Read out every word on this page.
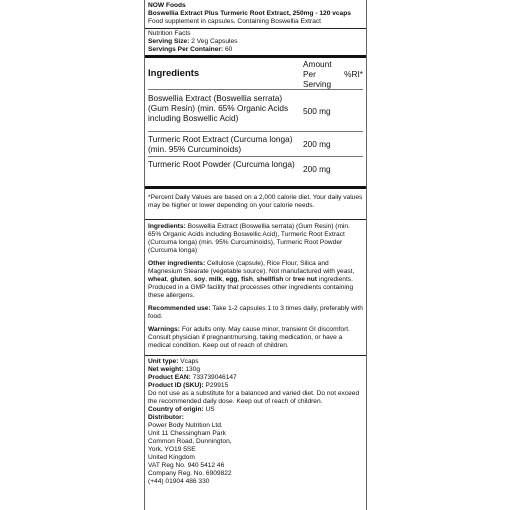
NOW Foods

Boswellia Extract Plus Turmeric Root Extract, 250mg - 120 vcaps

Food supplement in capsules. Containing Boswellia Extract

Nutrition Facts

Serving Size: 2 Veg Capsules

Servings Per Container: 60

Ingredients	Amount Per Serving	%RI*
Boswellia Extract (Boswellia serrata) (Gum Resin) (min. 65% Organic Acids including Boswellic Acid)	500 mg	
Turmeric Root Extract (Curcuma longa) (min. 95% Curcuminoids)	200 mg	
Turmeric Root Powder (Curcuma longa)	200 mg	

*Percent Daily Values are based on a 2,000 calorie diet. Your daily values may be higher or lower depending on your calorie needs.

Ingredients: Boswellia Extract (Boswellia serrata) (Gum Resin) (min. 65% Organic Acids including Boswellic Acid), Turmeric Root Extract (Curcuma longa) (min. 95% Curcuminoids), Turmeric Root Powder (Curcuma longa)

Other ingredients: Cellulose (capsule), Rice Flour, Silica and Magnesium Stearate (vegetable source). Not manufactured with yeast, wheat, gluten, soy, milk, egg, fish, shellfish or tree nut ingredients. Produced in a GMP facility that processes other ingredients containing these allergens.

Recommended use: Take 1-2 capsules 1 to 3 times daily, preferably with food.

Warnings: For adults only. May cause minor, transient GI discomfort. Consult physician if pregnant/nursing, taking medication, or have a medical condition. Keep out of reach of children.

Unit type: Vcaps

Net weight: 130g

Product EAN: 733739046147

Product ID (SKU): P29915

Do not use as a substitute for a balanced and varied diet. Do not exceed the recommended daily dose. Keep out of reach of children.

Country of origin: US

Distributor:

Power Body Nutrition Ltd.

Unit 11 Chessingham Park

Common Road, Dunnington,

York, YO19 5SE

United Kingdom

VAT Reg No. 940 5412 46

Company Reg. No. 6909822

(+44) 01904 486 330
